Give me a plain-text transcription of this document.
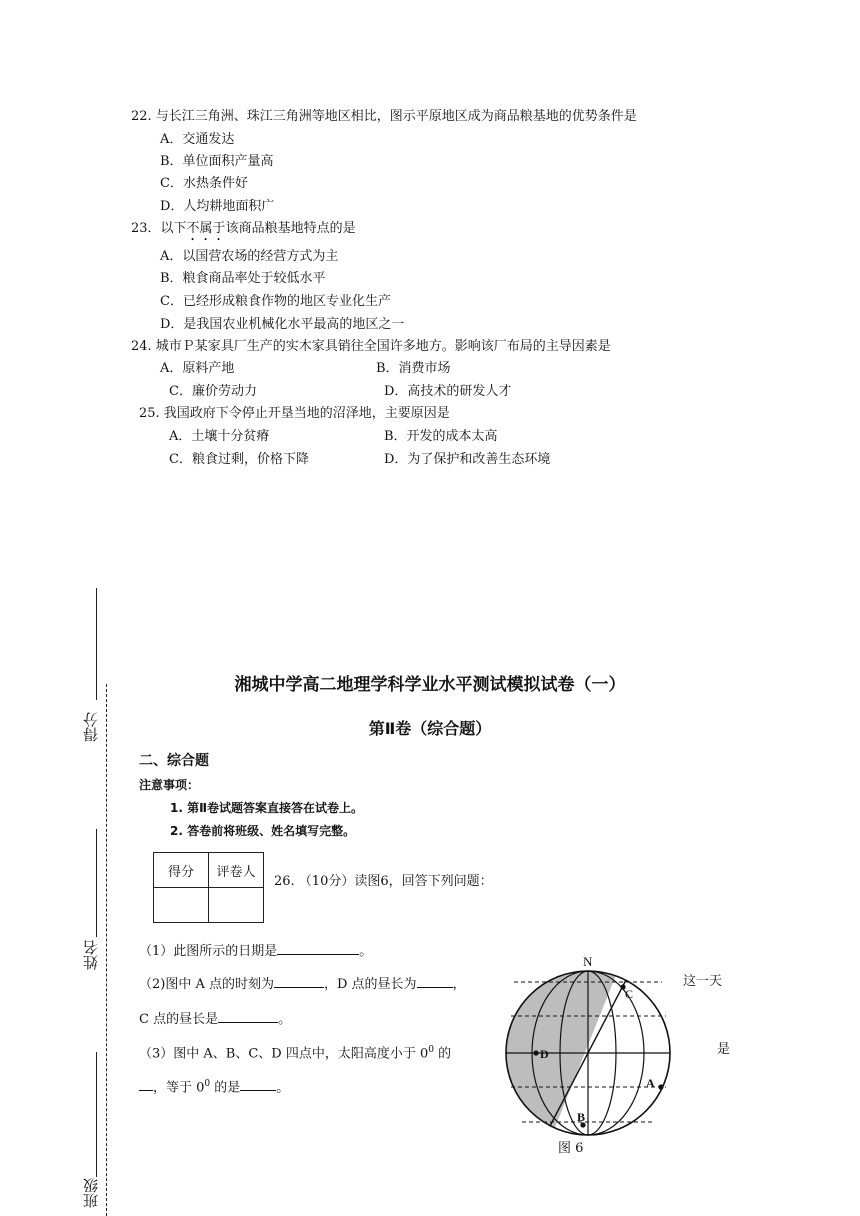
22. 与长江三角洲、珠江三角洲等地区相比，图示平原地区成为商品粮基地的优势条件是
A．交通发达
B．单位面积产量高
C．水热条件好
D．人均耕地面积广
23．以下不属于该商品粮基地特点的是
A．以国营农场的经营方式为主
B．粮食商品率处于较低水平
C．已经形成粮食作物的地区专业化生产
D．是我国农业机械化水平最高的地区之一
24. 城市Ｐ某家具厂生产的实木家具销往全国许多地方。影响该厂布局的主导因素是
A．原料产地	B．消费市场
C．廉价劳动力	D．高技术的研发人才
25. 我国政府下令停止开垦当地的沼泽地，主要原因是
A．土壤十分贫瘠	B．开发的成本太高
C．粮食过剩，价格下降	D．为了保护和改善生态环境
得分
姓名
班级
湘城中学高二地理学科学业水平测试模拟试卷（一）
第Ⅱ卷（综合题）
二、综合题
注意事项：
1. 第Ⅱ卷试题答案直接答在试卷上。
2. 答卷前将班级、姓名填写完整。
得分	评卷人

26. （10分）读图6，回答下列问题：
（1）此图所示的日期是	。
（2)图中 A 点的时刻为	，D 点的昼长为	，	这一天
C 点的昼长是	。
（3）图中 A、B、C、D 四点中，太阳高度小于 $0^0$ 的	是
，等于 $0^0$ 的是	。
N
C
D
A
B
图 6
